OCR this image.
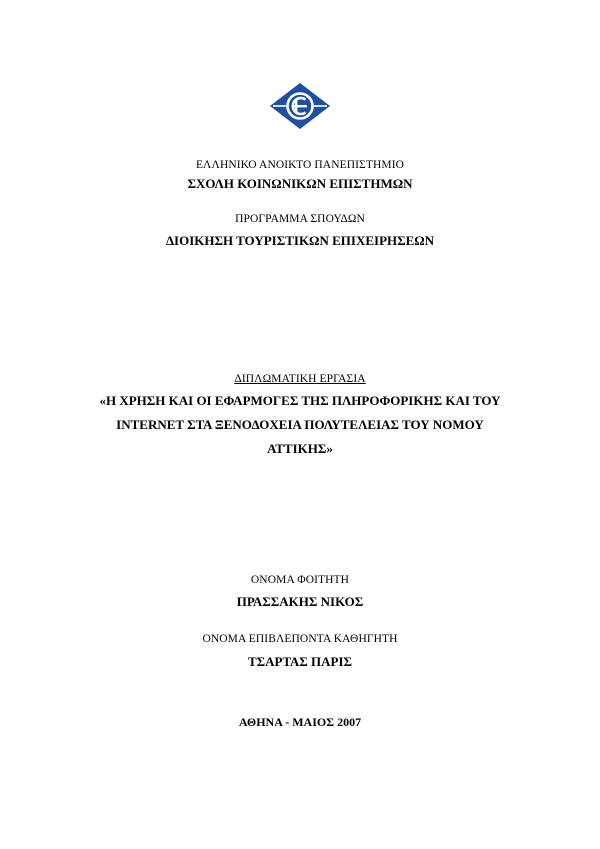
ΕΛΛΗΝΙΚΟ ΑΝΟΙΚΤΟ ΠΑΝΕΠΙΣΤΗΜΙΟ
ΣΧΟΛΗ ΚΟΙΝΩΝΙΚΩΝ ΕΠΙΣΤΗΜΩΝ
ΠΡΟΓΡΑΜΜΑ ΣΠΟΥΔΩΝ
ΔΙΟΙΚΗΣΗ ΤΟΥΡΙΣΤΙΚΩΝ ΕΠΙΧΕΙΡΗΣΕΩΝ
ΔΙΠΛΩΜΑΤΙΚΗ ΕΡΓΑΣΙΑ
«Η ΧΡΗΣΗ ΚΑΙ ΟΙ ΕΦΑΡΜΟΓΕΣ ΤΗΣ ΠΛΗΡΟΦΟΡΙΚΗΣ ΚΑΙ ΤΟΥ
INTERNET ΣΤΑ ΞΕΝΟΔΟΧΕΙΑ ΠΟΛΥΤΕΛΕΙΑΣ ΤΟΥ ΝΟΜΟΥ
ΑΤΤΙΚΗΣ»
ΟΝΟΜΑ ΦΟΙΤΗΤΗ
ΠΡΑΣΣΑΚΗΣ ΝΙΚΟΣ
ΟΝΟΜΑ ΕΠΙΒΛΕΠΟΝΤΑ ΚΑΘΗΓΗΤΗ
ΤΣΑΡΤΑΣ ΠΑΡΙΣ
ΑΘΗΝΑ - ΜΑΙΟΣ 2007
